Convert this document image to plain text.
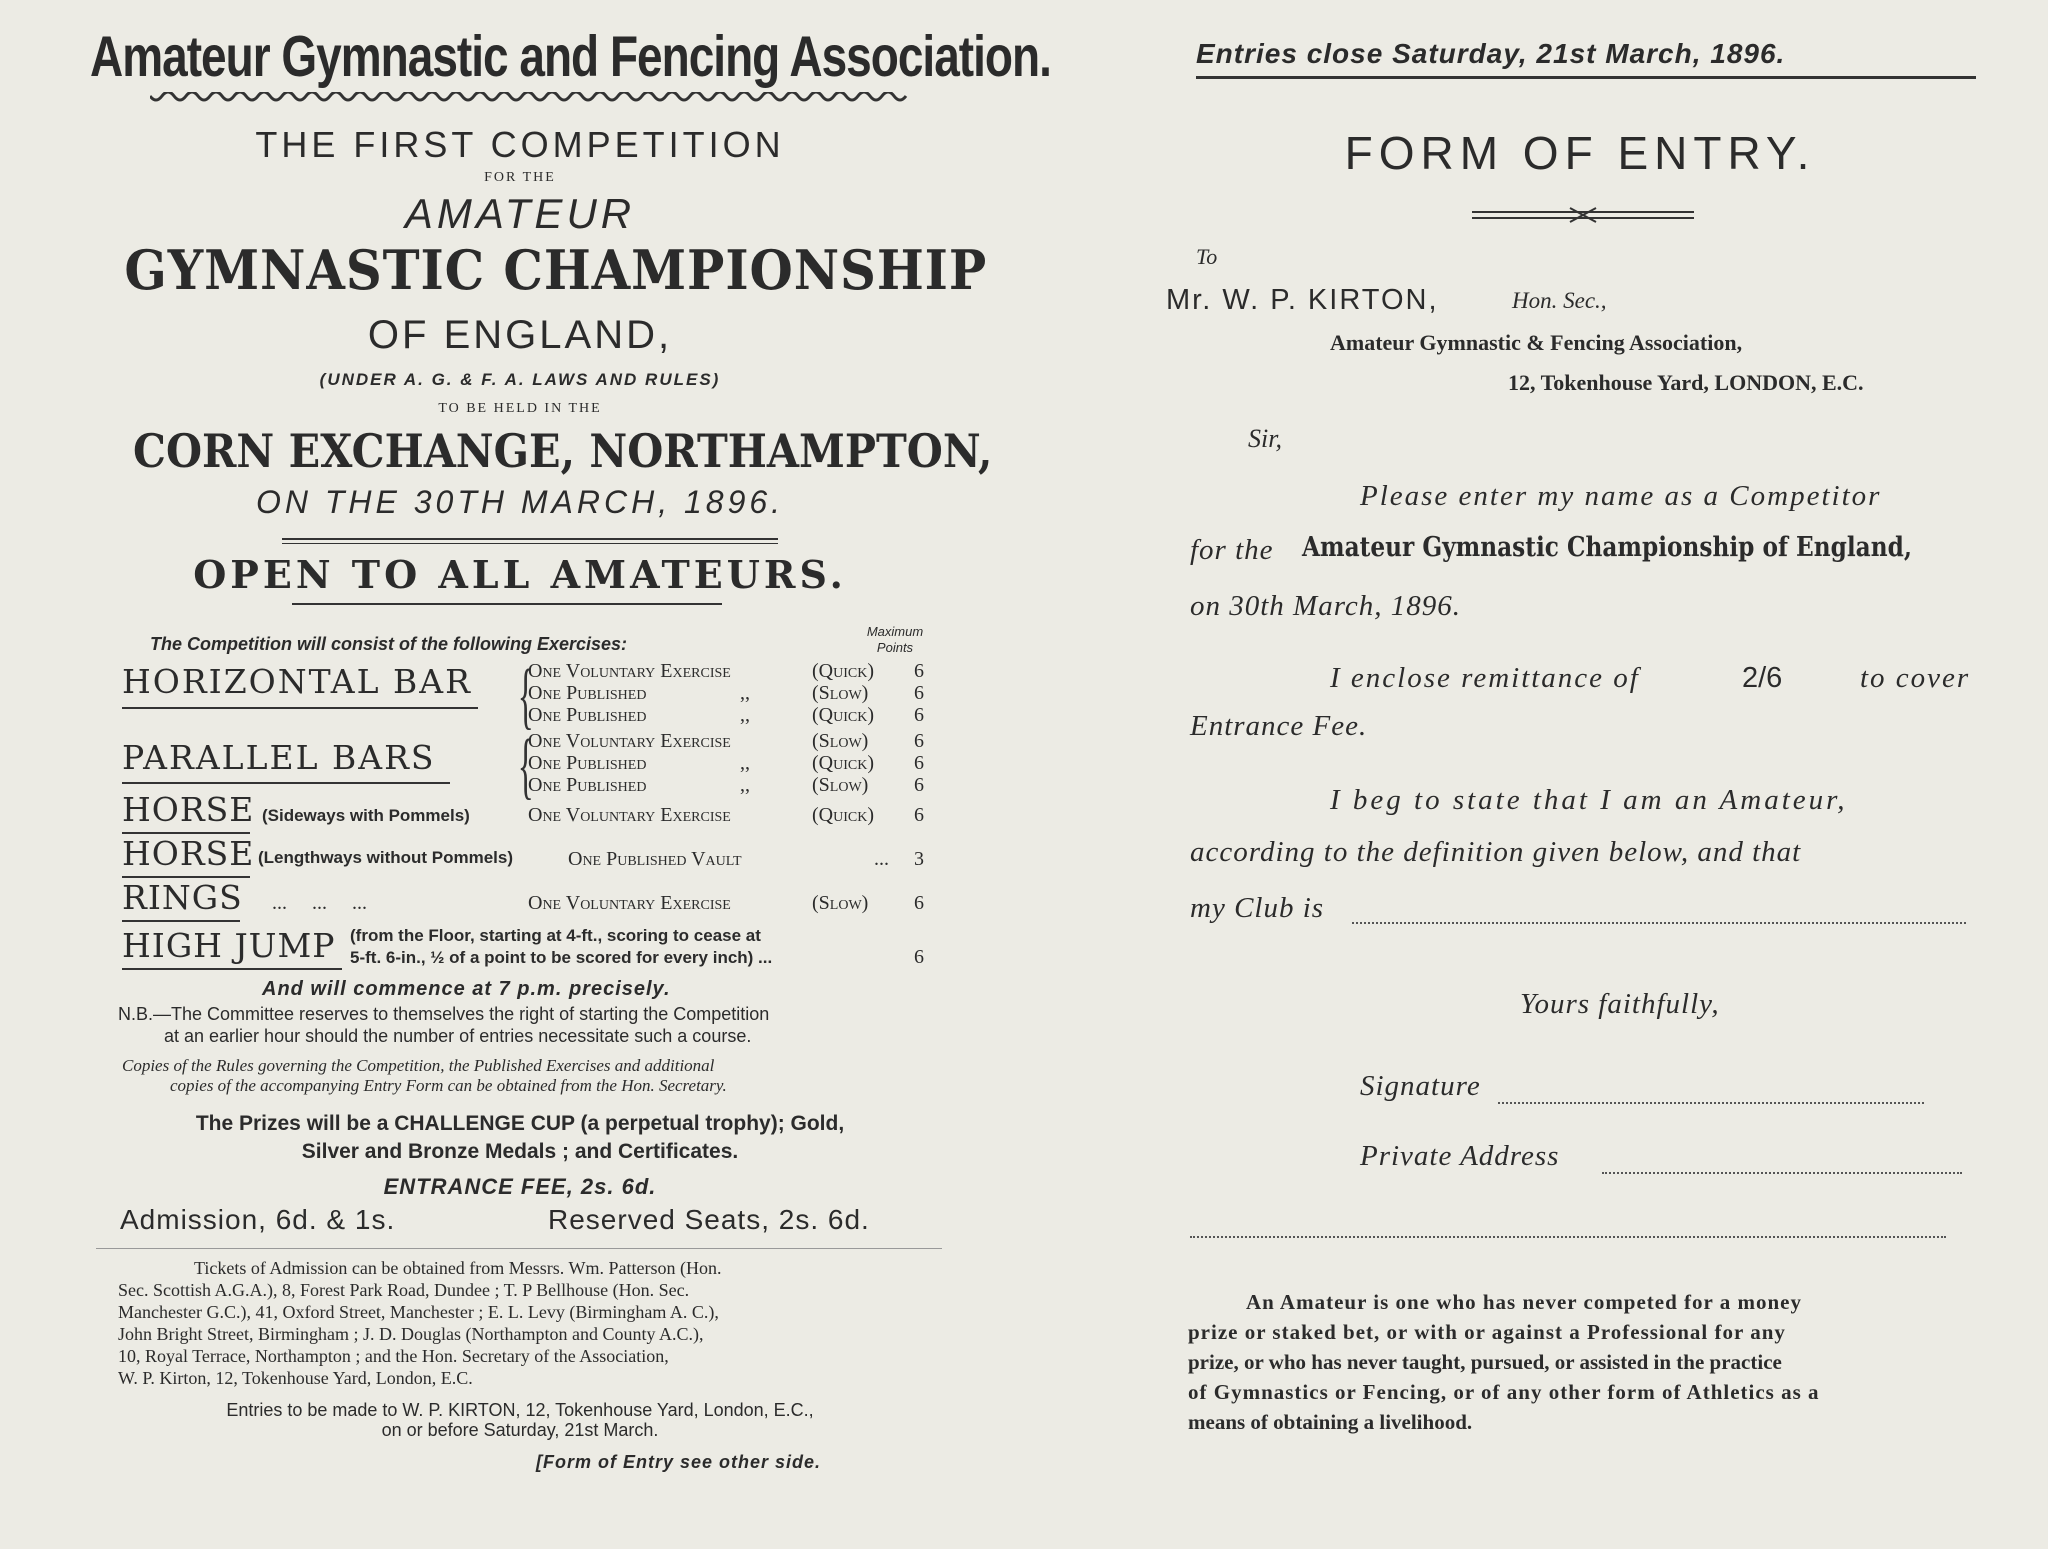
Amateur Gymnastic and Fencing Association.
THE FIRST COMPETITION
FOR THE
AMATEUR
GYMNASTIC CHAMPIONSHIP
OF ENGLAND,
(UNDER A. G. & F. A. LAWS AND RULES)
TO BE HELD IN THE
CORN EXCHANGE, NORTHAMPTON,
ON THE 30TH MARCH, 1896.
OPEN TO ALL AMATEURS.
The Competition will consist of the following Exercises:
Maximum
Points
HORIZONTAL BAR {
One Voluntary Exercise	(Quick) 6
One Published	,,	(Slow) 6
One Published	,,	(Quick) 6
PARALLEL BARS {
One Voluntary Exercise	(Slow) 6
One Published	,,	(Quick) 6
One Published	,,	(Slow) 6
HORSE (Sideways with Pommels)	One Voluntary Exercise	(Quick) 6
HORSE (Lengthways without Pommels)	One Published Vault	... 3
RINGS ...     ...     ...	One Voluntary Exercise	(Slow) 6
HIGH JUMP (from the Floor, starting at 4-ft., scoring to cease at
5-ft. 6-in., ½ of a point to be scored for every inch) ...	6
And will commence at 7 p.m. precisely.
N.B.—The Committee reserves to themselves the right of starting the Competition
at an earlier hour should the number of entries necessitate such a course.
Copies of the Rules governing the Competition, the Published Exercises and additional
copies of the accompanying Entry Form can be obtained from the Hon. Secretary.
The Prizes will be a CHALLENGE CUP (a perpetual trophy); Gold,
Silver and Bronze Medals ; and Certificates.
ENTRANCE FEE, 2s. 6d.
Admission, 6d. & 1s.	Reserved Seats, 2s. 6d.
Tickets of Admission can be obtained from Messrs. Wm. Patterson (Hon.
Sec. Scottish A.G.A.), 8, Forest Park Road, Dundee ; T. P Bellhouse (Hon. Sec.
Manchester G.C.), 41, Oxford Street, Manchester ; E. L. Levy (Birmingham A. C.),
John Bright Street, Birmingham ; J. D. Douglas (Northampton and County A.C.),
10, Royal Terrace, Northampton ; and the Hon. Secretary of the Association,
W. P. Kirton, 12, Tokenhouse Yard, London, E.C.
Entries to be made to W. P. KIRTON, 12, Tokenhouse Yard, London, E.C.,
on or before Saturday, 21st March.
[Form of Entry see other side.
Entries close Saturday, 21st March, 1896.
FORM OF ENTRY.
To
Mr. W. P. KIRTON,	Hon. Sec.,
Amateur Gymnastic & Fencing Association,
12, Tokenhouse Yard, LONDON, E.C.
Sir,
Please enter my name as a Competitor
for the Amateur Gymnastic Championship of England,
on 30th March, 1896.
I enclose remittance of	2/6	to cover
Entrance Fee.
I beg to state that I am an Amateur,
according to the definition given below, and that
my Club is
Yours faithfully,
Signature
Private Address
An Amateur is one who has never competed for a money
prize or staked bet, or with or against a Professional for any
prize, or who has never taught, pursued, or assisted in the practice
of Gymnastics or Fencing, or of any other form of Athletics as a
means of obtaining a livelihood.
